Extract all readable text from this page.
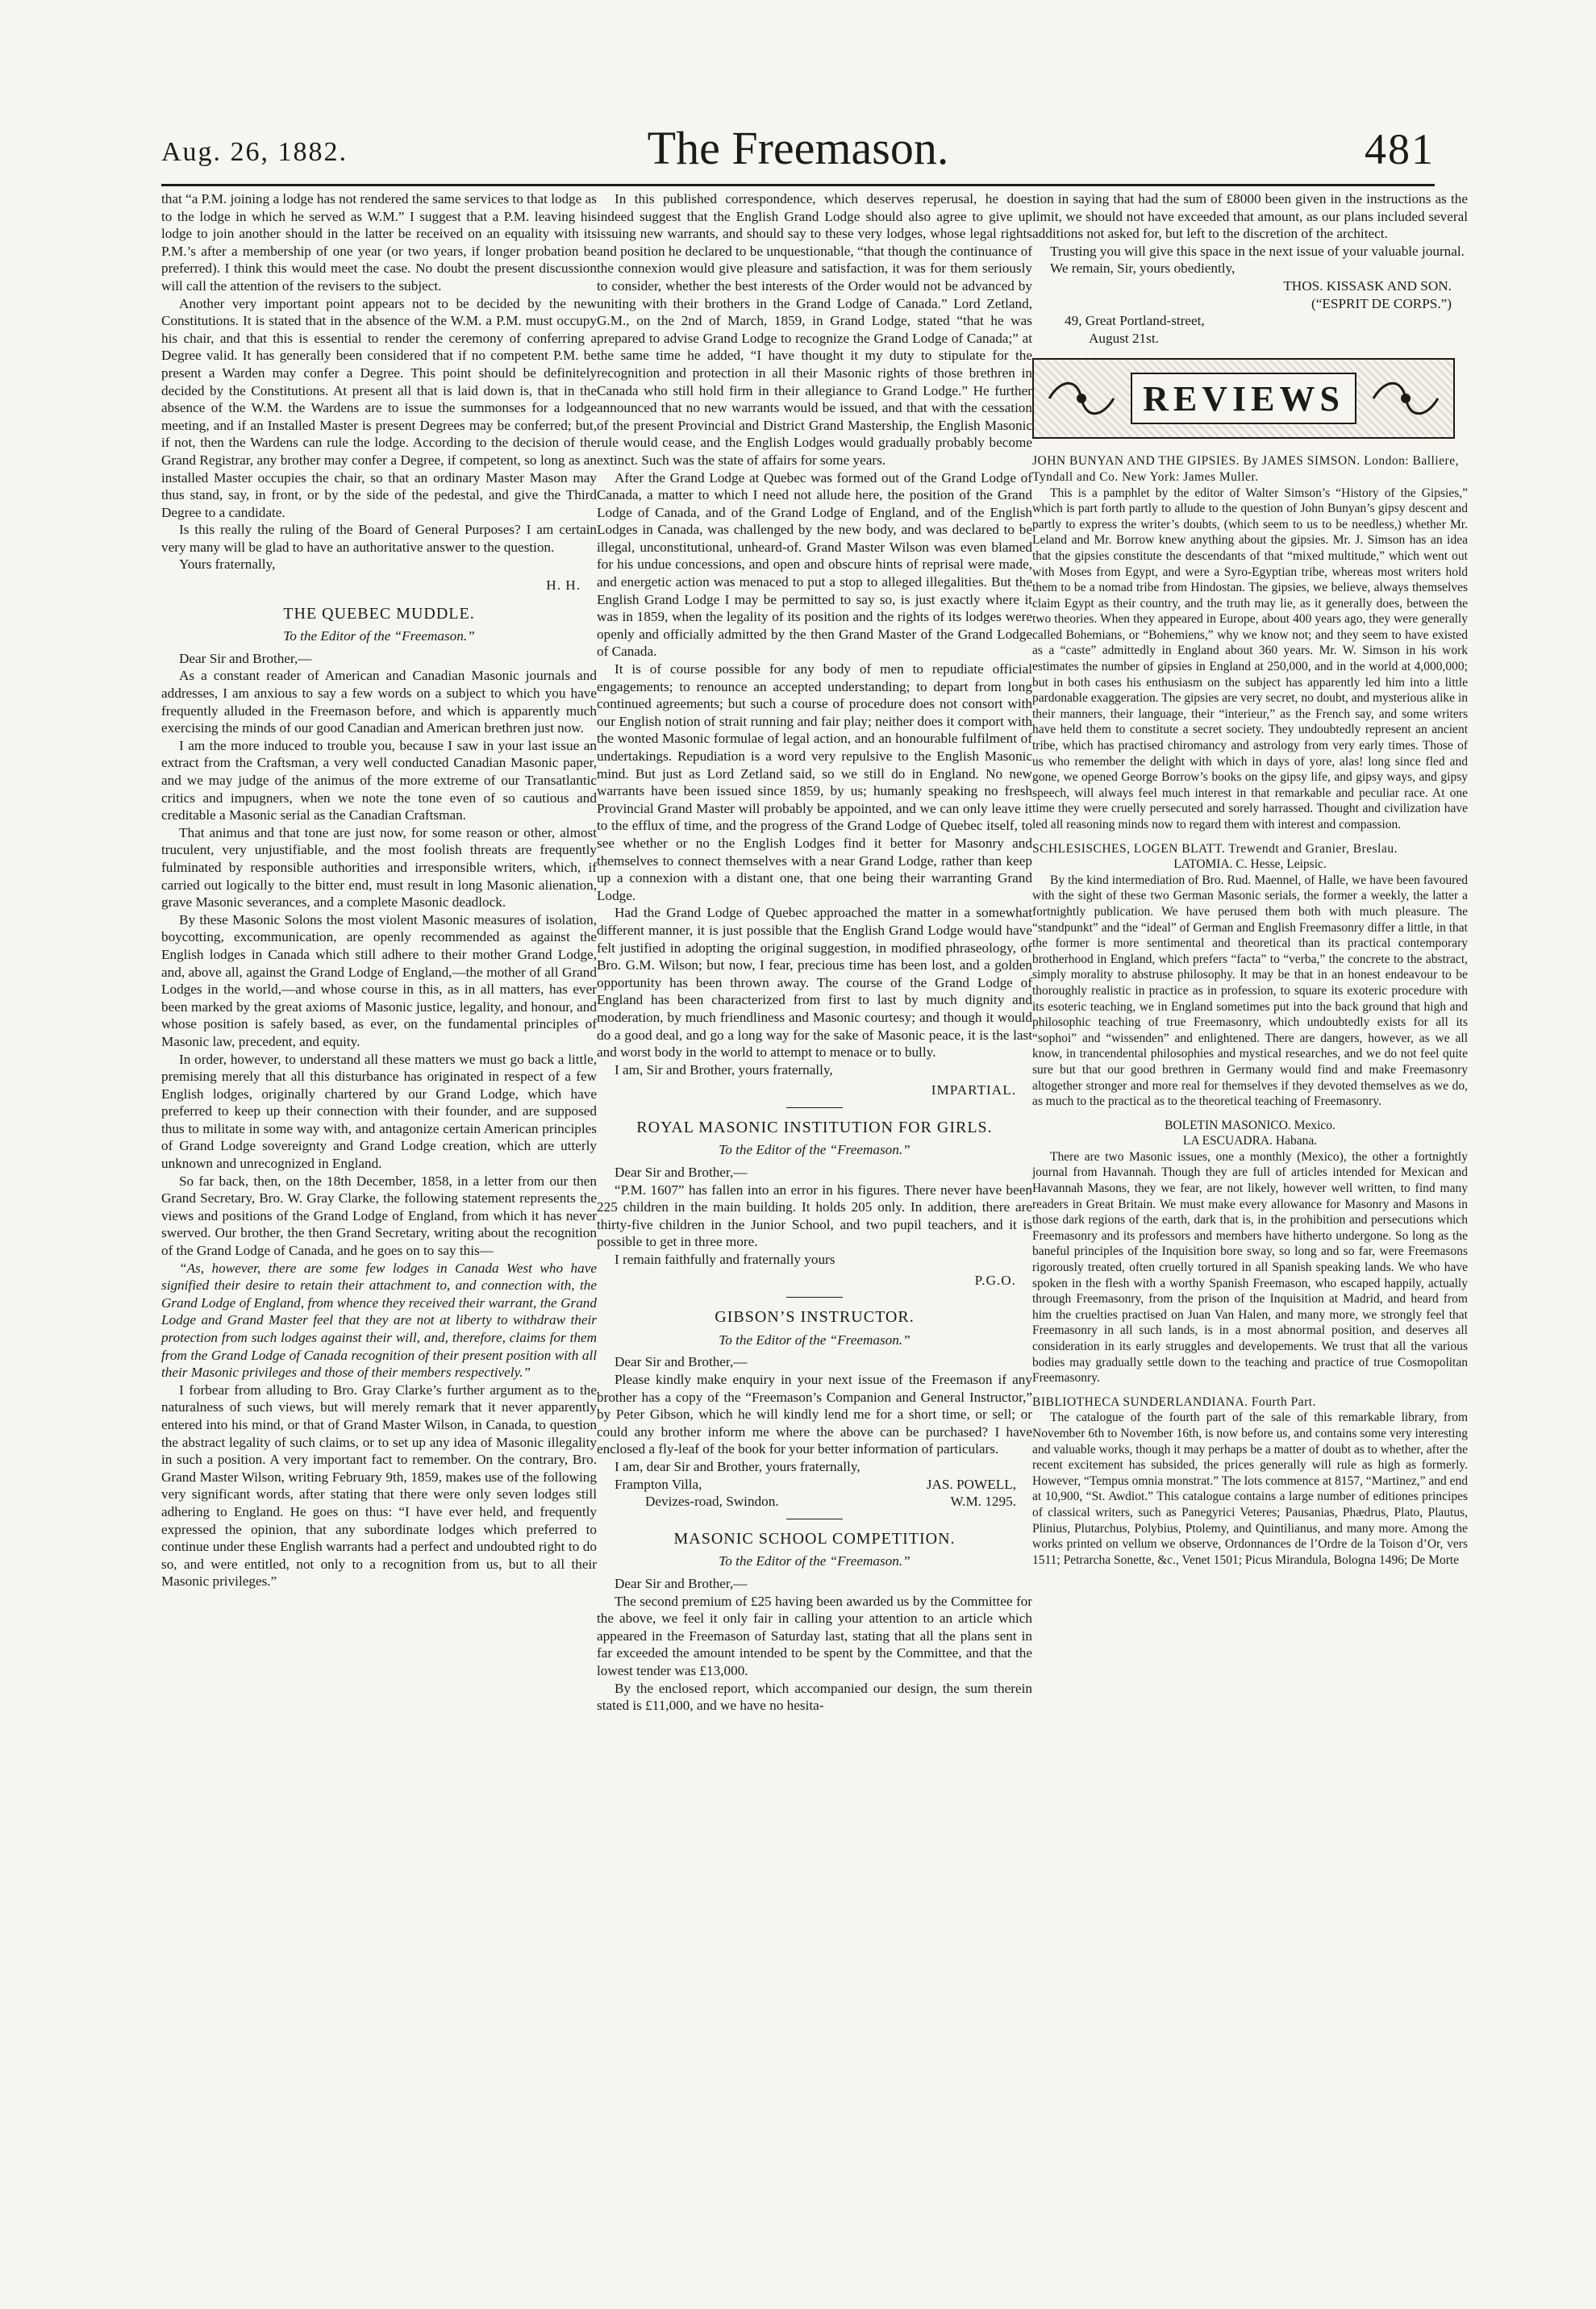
Aug. 26, 1882.	The Freemason.	481

that “a P.M. joining a lodge has not rendered the same services to that lodge as to the lodge in which he served as W.M.” I suggest that a P.M. leaving his lodge to join another should in the latter be received on an equality with its P.M.’s after a membership of one year (or two years, if longer probation be preferred). I think this would meet the case. No doubt the present discussion will call the attention of the revisers to the subject.

Another very important point appears not to be decided by the new Constitutions. It is stated that in the absence of the W.M. a P.M. must occupy his chair, and that this is essential to render the ceremony of conferring a Degree valid. It has generally been considered that if no competent P.M. be present a Warden may confer a Degree. This point should be definitely decided by the Constitutions. At present all that is laid down is, that in the absence of the W.M. the Wardens are to issue the summonses for a lodge meeting, and if an Installed Master is present Degrees may be conferred; but, if not, then the Wardens can rule the lodge. According to the decision of the Grand Registrar, any brother may confer a Degree, if competent, so long as an installed Master occupies the chair, so that an ordinary Master Mason may thus stand, say, in front, or by the side of the pedestal, and give the Third Degree to a candidate.

Is this really the ruling of the Board of General Purposes? I am certain very many will be glad to have an authoritative answer to the question.

Yours fraternally,

H. H.
THE QUEBEC MUDDLE.
To the Editor of the “Freemason.”

Dear Sir and Brother,—

As a constant reader of American and Canadian Masonic journals and addresses, I am anxious to say a few words on a subject to which you have frequently alluded in the Freemason before, and which is apparently much exercising the minds of our good Canadian and American brethren just now.

I am the more induced to trouble you, because I saw in your last issue an extract from the Craftsman, a very well conducted Canadian Masonic paper, and we may judge of the animus of the more extreme of our Transatlantic critics and impugners, when we note the tone even of so cautious and creditable a Masonic serial as the Canadian Craftsman.

That animus and that tone are just now, for some reason or other, almost truculent, very unjustifiable, and the most foolish threats are frequently fulminated by responsible authorities and irresponsible writers, which, if carried out logically to the bitter end, must result in long Masonic alienation, grave Masonic severances, and a complete Masonic deadlock.

By these Masonic Solons the most violent Masonic measures of isolation, boycotting, excommunication, are openly recommended as against the English lodges in Canada which still adhere to their mother Grand Lodge, and, above all, against the Grand Lodge of England,—the mother of all Grand Lodges in the world,—and whose course in this, as in all matters, has ever been marked by the great axioms of Masonic justice, legality, and honour, and whose position is safely based, as ever, on the fundamental principles of Masonic law, precedent, and equity.

In order, however, to understand all these matters we must go back a little, premising merely that all this disturbance has originated in respect of a few English lodges, originally chartered by our Grand Lodge, which have preferred to keep up their connection with their founder, and are supposed thus to militate in some way with, and antagonize certain American principles of Grand Lodge sovereignty and Grand Lodge creation, which are utterly unknown and unrecognized in England.

So far back, then, on the 18th December, 1858, in a letter from our then Grand Secretary, Bro. W. Gray Clarke, the following statement represents the views and positions of the Grand Lodge of England, from which it has never swerved. Our brother, the then Grand Secretary, writing about the recognition of the Grand Lodge of Canada, and he goes on to say this—

“As, however, there are some few lodges in Canada West who have signified their desire to retain their attachment to, and connection with, the Grand Lodge of England, from whence they received their warrant, the Grand Lodge and Grand Master feel that they are not at liberty to withdraw their protection from such lodges against their will, and, therefore, claims for them from the Grand Lodge of Canada recognition of their present position with all their Masonic privileges and those of their members respectively.”

I forbear from alluding to Bro. Gray Clarke’s further argument as to the naturalness of such views, but will merely remark that it never apparently entered into his mind, or that of Grand Master Wilson, in Canada, to question the abstract legality of such claims, or to set up any idea of Masonic illegality in such a position. A very important fact to remember. On the contrary, Bro. Grand Master Wilson, writing February 9th, 1859, makes use of the following very significant words, after stating that there were only seven lodges still adhering to England. He goes on thus: “I have ever held, and frequently expressed the opinion, that any subordinate lodges which preferred to continue under these English warrants had a perfect and undoubted right to do so, and were entitled, not only to a recognition from us, but to all their Masonic privileges.”

In this published correspondence, which deserves reperusal, he does indeed suggest that the English Grand Lodge should also agree to give up issuing new warrants, and should say to these very lodges, whose legal rights and position he declared to be unquestionable, “that though the continuance of the connexion would give pleasure and satisfaction, it was for them seriously to consider, whether the best interests of the Order would not be advanced by uniting with their brothers in the Grand Lodge of Canada.” Lord Zetland, G.M., on the 2nd of March, 1859, in Grand Lodge, stated “that he was prepared to advise Grand Lodge to recognize the Grand Lodge of Canada;” at the same time he added, “I have thought it my duty to stipulate for the recognition and protection in all their Masonic rights of those brethren in Canada who still hold firm in their allegiance to Grand Lodge.” He further announced that no new warrants would be issued, and that with the cessation of the present Provincial and District Grand Mastership, the English Masonic rule would cease, and the English Lodges would gradually probably become extinct. Such was the state of affairs for some years.

After the Grand Lodge at Quebec was formed out of the Grand Lodge of Canada, a matter to which I need not allude here, the position of the Grand Lodge of Canada, and of the Grand Lodge of England, and of the English Lodges in Canada, was challenged by the new body, and was declared to be illegal, unconstitutional, unheard-of. Grand Master Wilson was even blamed for his undue concessions, and open and obscure hints of reprisal were made, and energetic action was menaced to put a stop to alleged illegalities. But the English Grand Lodge I may be permitted to say so, is just exactly where it was in 1859, when the legality of its position and the rights of its lodges were openly and officially admitted by the then Grand Master of the Grand Lodge of Canada.

It is of course possible for any body of men to repudiate official engagements; to renounce an accepted understanding; to depart from long continued agreements; but such a course of procedure does not consort with our English notion of strait running and fair play; neither does it comport with the wonted Masonic formulae of legal action, and an honourable fulfilment of undertakings. Repudiation is a word very repulsive to the English Masonic mind. But just as Lord Zetland said, so we still do in England. No new warrants have been issued since 1859, by us; humanly speaking no fresh Provincial Grand Master will probably be appointed, and we can only leave it to the efflux of time, and the progress of the Grand Lodge of Quebec itself, to see whether or no the English Lodges find it better for Masonry and themselves to connect themselves with a near Grand Lodge, rather than keep up a connexion with a distant one, that one being their warranting Grand Lodge.

Had the Grand Lodge of Quebec approached the matter in a somewhat different manner, it is just possible that the English Grand Lodge would have felt justified in adopting the original suggestion, in modified phraseology, of Bro. G.M. Wilson; but now, I fear, precious time has been lost, and a golden opportunity has been thrown away. The course of the Grand Lodge of England has been characterized from first to last by much dignity and moderation, by much friendliness and Masonic courtesy; and though it would do a good deal, and go a long way for the sake of Masonic peace, it is the last and worst body in the world to attempt to menace or to bully.

I am, Sir and Brother, yours fraternally,

IMPARTIAL.
ROYAL MASONIC INSTITUTION FOR GIRLS.
To the Editor of the “Freemason.”

Dear Sir and Brother,—

“P.M. 1607” has fallen into an error in his figures. There never have been 225 children in the main building. It holds 205 only. In addition, there are thirty-five children in the Junior School, and two pupil teachers, and it is possible to get in three more.

I remain faithfully and fraternally yours

P.G.O.
GIBSON’S INSTRUCTOR.
To the Editor of the “Freemason.”

Dear Sir and Brother,—

Please kindly make enquiry in your next issue of the Freemason if any brother has a copy of the “Freemason’s Companion and General Instructor,” by Peter Gibson, which he will kindly lend me for a short time, or sell; or could any brother inform me where the above can be purchased? I have enclosed a fly-leaf of the book for your better information of particulars.

I am, dear Sir and Brother, yours fraternally,

Frampton Villa,	JAS. POWELL,
Devizes-road, Swindon.	W.M. 1295.
MASONIC SCHOOL COMPETITION.
To the Editor of the “Freemason.”

Dear Sir and Brother,—

The second premium of £25 having been awarded us by the Committee for the above, we feel it only fair in calling your attention to an article which appeared in the Freemason of Saturday last, stating that all the plans sent in far exceeded the amount intended to be spent by the Committee, and that the lowest tender was £13,000.

By the enclosed report, which accompanied our design, the sum therein stated is £11,000, and we have no hesita-

tion in saying that had the sum of £8000 been given in the instructions as the limit, we should not have exceeded that amount, as our plans included several additions not asked for, but left to the discretion of the architect.

Trusting you will give this space in the next issue of your valuable journal.

We remain, Sir, yours obediently,

THOS. KISSASK AND SON.
(“ESPRIT DE CORPS.”)
49, Great Portland-street,
August 21st.
REVIEWS

JOHN BUNYAN AND THE GIPSIES. By JAMES SIMSON. London: Balliere, Tyndall and Co. New York: James Muller.

This is a pamphlet by the editor of Walter Simson’s “History of the Gipsies,” which is part forth partly to allude to the question of John Bunyan’s gipsy descent and partly to express the writer’s doubts, (which seem to us to be needless,) whether Mr. Leland and Mr. Borrow knew anything about the gipsies. Mr. J. Simson has an idea that the gipsies constitute the descendants of that “mixed multitude,” which went out with Moses from Egypt, and were a Syro-Egyptian tribe, whereas most writers hold them to be a nomad tribe from Hindostan. The gipsies, we believe, always themselves claim Egypt as their country, and the truth may lie, as it generally does, between the two theories. When they appeared in Europe, about 400 years ago, they were generally called Bohemians, or “Bohemiens,” why we know not; and they seem to have existed as a “caste” admittedly in England about 360 years. Mr. W. Simson in his work estimates the number of gipsies in England at 250,000, and in the world at 4,000,000; but in both cases his enthusiasm on the subject has apparently led him into a little pardonable exaggeration. The gipsies are very secret, no doubt, and mysterious alike in their manners, their language, their “interieur,” as the French say, and some writers have held them to constitute a secret society. They undoubtedly represent an ancient tribe, which has practised chiromancy and astrology from very early times. Those of us who remember the delight with which in days of yore, alas! long since fled and gone, we opened George Borrow’s books on the gipsy life, and gipsy ways, and gipsy speech, will always feel much interest in that remarkable and peculiar race. At one time they were cruelly persecuted and sorely harrassed. Thought and civilization have led all reasoning minds now to regard them with interest and compassion.

SCHLESISCHES, LOGEN BLATT. Trewendt and Granier, Breslau.

LATOMIA. C. Hesse, Leipsic.

By the kind intermediation of Bro. Rud. Maennel, of Halle, we have been favoured with the sight of these two German Masonic serials, the former a weekly, the latter a fortnightly publication. We have perused them both with much pleasure. The “standpunkt” and the “ideal” of German and English Freemasonry differ a little, in that the former is more sentimental and theoretical than its practical contemporary brotherhood in England, which prefers “facta” to “verba,” the concrete to the abstract, simply morality to abstruse philosophy. It may be that in an honest endeavour to be thoroughly realistic in practice as in profession, to square its exoteric procedure with its esoteric teaching, we in England sometimes put into the back ground that high and philosophic teaching of true Freemasonry, which undoubtedly exists for all its “sophoi” and “wissenden” and enlightened. There are dangers, however, as we all know, in trancendental philosophies and mystical researches, and we do not feel quite sure but that our good brethren in Germany would find and make Freemasonry altogether stronger and more real for themselves if they devoted themselves as we do, as much to the practical as to the theoretical teaching of Freemasonry.

BOLETIN MASONICO. Mexico.

LA ESCUADRA. Habana.

There are two Masonic issues, one a monthly (Mexico), the other a fortnightly journal from Havannah. Though they are full of articles intended for Mexican and Havannah Masons, they we fear, are not likely, however well written, to find many readers in Great Britain. We must make every allowance for Masonry and Masons in those dark regions of the earth, dark that is, in the prohibition and persecutions which Freemasonry and its professors and members have hitherto undergone. So long as the baneful principles of the Inquisition bore sway, so long and so far, were Freemasons rigorously treated, often cruelly tortured in all Spanish speaking lands. We who have spoken in the flesh with a worthy Spanish Freemason, who escaped happily, actually through Freemasonry, from the prison of the Inquisition at Madrid, and heard from him the cruelties practised on Juan Van Halen, and many more, we strongly feel that Freemasonry in all such lands, is in a most abnormal position, and deserves all consideration in its early struggles and developements. We trust that all the various bodies may gradually settle down to the teaching and practice of true Cosmopolitan Freemasonry.

BIBLIOTHECA SUNDERLANDIANA. Fourth Part.

The catalogue of the fourth part of the sale of this remarkable library, from November 6th to November 16th, is now before us, and contains some very interesting and valuable works, though it may perhaps be a matter of doubt as to whether, after the recent excitement has subsided, the prices generally will rule as high as formerly. However, “Tempus omnia monstrat.” The lots commence at 8157, “Martinez,” and end at 10,900, “St. Awdiot.” This catalogue contains a large number of editiones principes of classical writers, such as Panegyrici Veteres; Pausanias, Phædrus, Plato, Plautus, Plinius, Plutarchus, Polybius, Ptolemy, and Quintilianus, and many more. Among the works printed on vellum we observe, Ordonnances de l’Ordre de la Toison d’Or, vers 1511; Petrarcha Sonette, &c., Venet 1501; Picus Mirandula, Bologna 1496; De Morte
